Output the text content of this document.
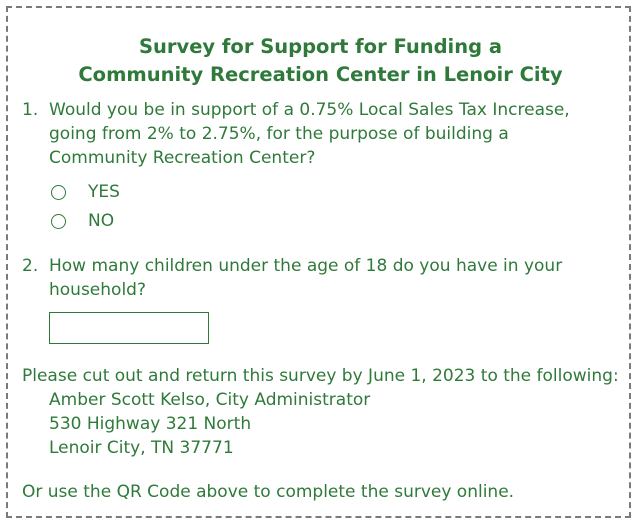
Survey for Support for Funding a
Community Recreation Center in Lenoir City
1. Would you be in support of a 0.75% Local Sales Tax Increase,
going from 2% to 2.75%, for the purpose of building a
Community Recreation Center?
YES
NO
2. How many children under the age of 18 do you have in your
household?
Please cut out and return this survey by June 1, 2023 to the following:
Amber Scott Kelso, City Administrator
530 Highway 321 North
Lenoir City, TN 37771
Or use the QR Code above to complete the survey online.
